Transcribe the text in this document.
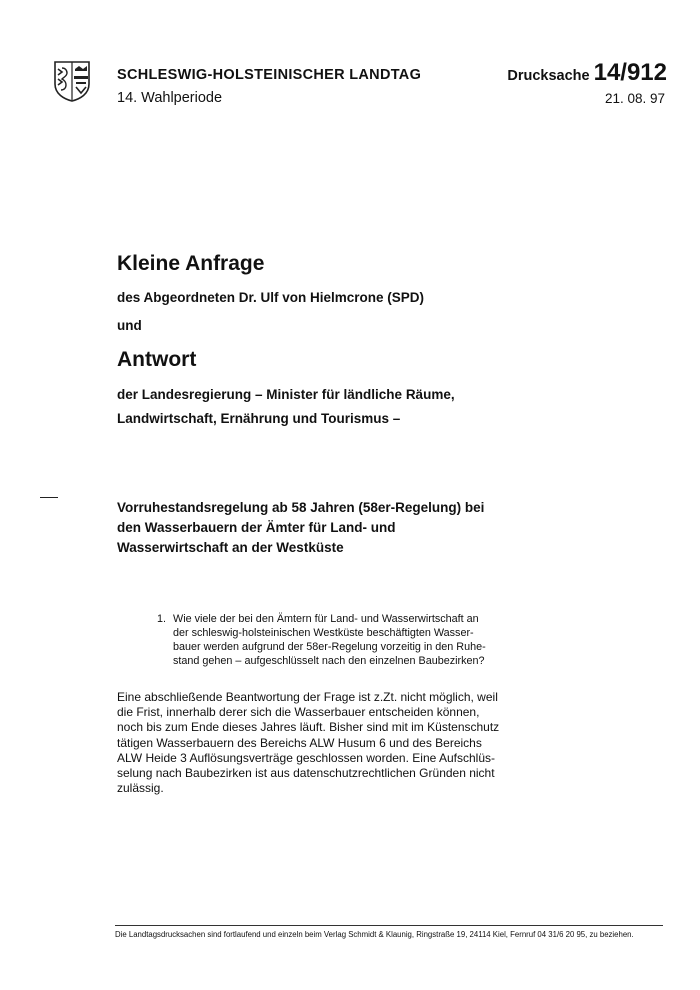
SCHLESWIG-HOLSTEINISCHER LANDTAG
14. Wahlperiode
Drucksache 14/912
21. 08. 97
Kleine Anfrage
des Abgeordneten Dr. Ulf von Hielmcrone (SPD)
und
Antwort
der Landesregierung – Minister für ländliche Räume,
Landwirtschaft, Ernährung und Tourismus –
Vorruhestandsregelung ab 58 Jahren (58er-Regelung) bei
den Wasserbauern der Ämter für Land- und
Wasserwirtschaft an der Westküste
1. Wie viele der bei den Ämtern für Land- und Wasserwirtschaft an
der schleswig-holsteinischen Westküste beschäftigten Wasser-
bauer werden aufgrund der 58er-Regelung vorzeitig in den Ruhe-
stand gehen – aufgeschlüsselt nach den einzelnen Baubezirken?
Eine abschließende Beantwortung der Frage ist z.Zt. nicht möglich, weil
die Frist, innerhalb derer sich die Wasserbauer entscheiden können,
noch bis zum Ende dieses Jahres läuft. Bisher sind mit im Küstenschutz
tätigen Wasserbauern des Bereichs ALW Husum 6 und des Bereichs
ALW Heide 3 Auflösungsverträge geschlossen worden. Eine Aufschlüs-
selung nach Baubezirken ist aus datenschutzrechtlichen Gründen nicht
zulässig.
Die Landtagsdrucksachen sind fortlaufend und einzeln beim Verlag Schmidt & Klaunig, Ringstraße 19, 24114 Kiel, Fernruf 04 31/6 20 95, zu beziehen.
